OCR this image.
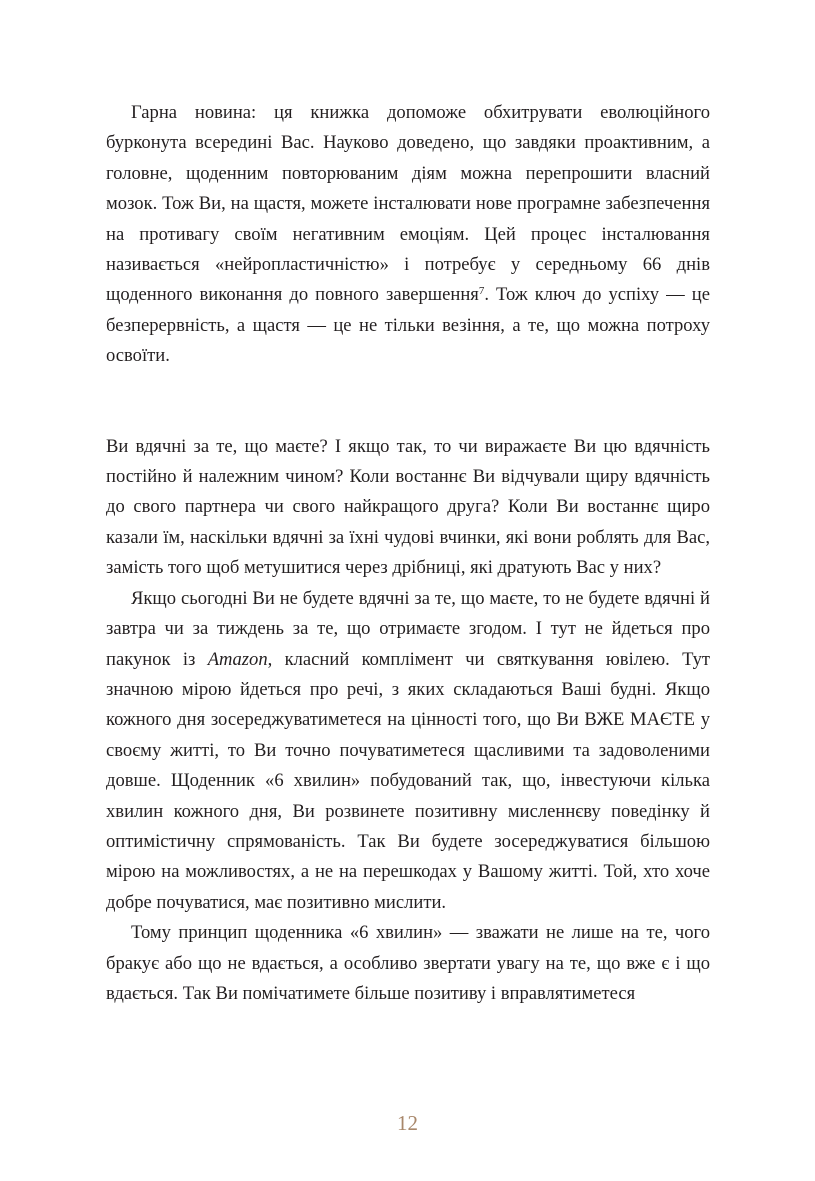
Гарна новина: ця книжка допоможе обхитрувати еволюційного бурконута всередині Вас. Науково доведено, що завдяки проактивним, а головне, щоденним повторюваним діям можна перепрошити власний мозок. Тож Ви, на щастя, можете інсталювати нове програмне забезпечення на противагу своїм негативним емоціям. Цей процес інсталювання називається «нейропластичністю» і потребує у середньому 66 днів щоденного виконання до повного завершення$^7$. Тож ключ до успіху — це безперервність, а щастя — це не тільки везіння, а те, що можна потроху освоїти.

Ви вдячні за те, що маєте? І якщо так, то чи виражаєте Ви цю вдячність постійно й належним чином? Коли востаннє Ви відчували щиру вдячність до свого партнера чи свого найкращого друга? Коли Ви востаннє щиро казали їм, наскільки вдячні за їхні чудові вчинки, які вони роблять для Вас, замість того щоб метушитися через дрібниці, які дратують Вас у них?

Якщо сьогодні Ви не будете вдячні за те, що маєте, то не будете вдячні й завтра чи за тиждень за те, що отримаєте згодом. І тут не йдеться про пакунок із Amazon, класний комплімент чи святкування ювілею. Тут значною мірою йдеться про речі, з яких складаються Ваші будні. Якщо кожного дня зосереджуватиметеся на цінності того, що Ви ВЖЕ МАЄТЕ у своєму житті, то Ви точно почуватиметеся щасливими та задоволеними довше. Щоденник «6 хвилин» побудований так, що, інвестуючи кілька хвилин кожного дня, Ви розвинете позитивну мисленнєву поведінку й оптимістичну спрямованість. Так Ви будете зосереджуватися більшою мірою на можливостях, а не на перешкодах у Вашому житті. Той, хто хоче добре почуватися, має позитивно мислити.

Тому принцип щоденника «6 хвилин» — зважати не лише на те, чого бракує або що не вдається, а особливо звертати увагу на те, що вже є і що вдається. Так Ви помічатимете більше позитиву і вправлятиметеся

12
